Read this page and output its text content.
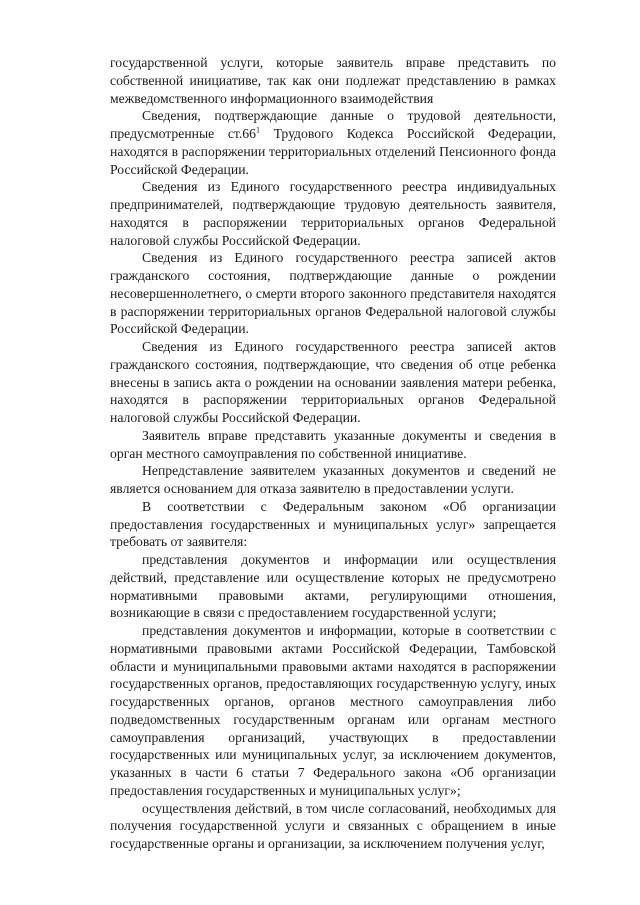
государственной услуги, которые заявитель вправе представить по собственной инициативе, так как они подлежат представлению в рамках межведомственного информационного взаимодействия

Сведения, подтверждающие данные о трудовой деятельности, предусмотренные $ст.66^1$ Трудового Кодекса Российской Федерации, находятся в распоряжении территориальных отделений Пенсионного фонда Российской Федерации.

Сведения из Единого государственного реестра индивидуальных предпринимателей, подтверждающие трудовую деятельность заявителя, находятся в распоряжении территориальных органов Федеральной налоговой службы Российской Федерации.

Сведения из Единого государственного реестра записей актов гражданского состояния, подтверждающие данные о рождении несовершеннолетнего, о смерти второго законного представителя находятся в распоряжении территориальных органов Федеральной налоговой службы Российской Федерации.

Сведения из Единого государственного реестра записей актов гражданского состояния, подтверждающие, что сведения об отце ребенка внесены в запись акта о рождении на основании заявления матери ребенка, находятся в распоряжении территориальных органов Федеральной налоговой службы Российской Федерации.

Заявитель вправе представить указанные документы и сведения в орган местного самоуправления по собственной инициативе.

Непредставление заявителем указанных документов и сведений не является основанием для отказа заявителю в предоставлении услуги.

В соответствии с Федеральным законом «Об организации предоставления государственных и муниципальных услуг» запрещается требовать от заявителя:

представления документов и информации или осуществления действий, представление или осуществление которых не предусмотрено нормативными правовыми актами, регулирующими отношения, возникающие в связи с предоставлением государственной услуги;

представления документов и информации, которые в соответствии с нормативными правовыми актами Российской Федерации, Тамбовской области и муниципальными правовыми актами находятся в распоряжении государственных органов, предоставляющих государственную услугу, иных государственных органов, органов местного самоуправления либо подведомственных государственным органам или органам местного самоуправления организаций, участвующих в предоставлении государственных или муниципальных услуг, за исключением документов, указанных в части 6 статьи 7 Федерального закона «Об организации предоставления государственных и муниципальных услуг»;

осуществления действий, в том числе согласований, необходимых для получения государственной услуги и связанных с обращением в иные государственные органы и организации, за исключением получения услуг,
